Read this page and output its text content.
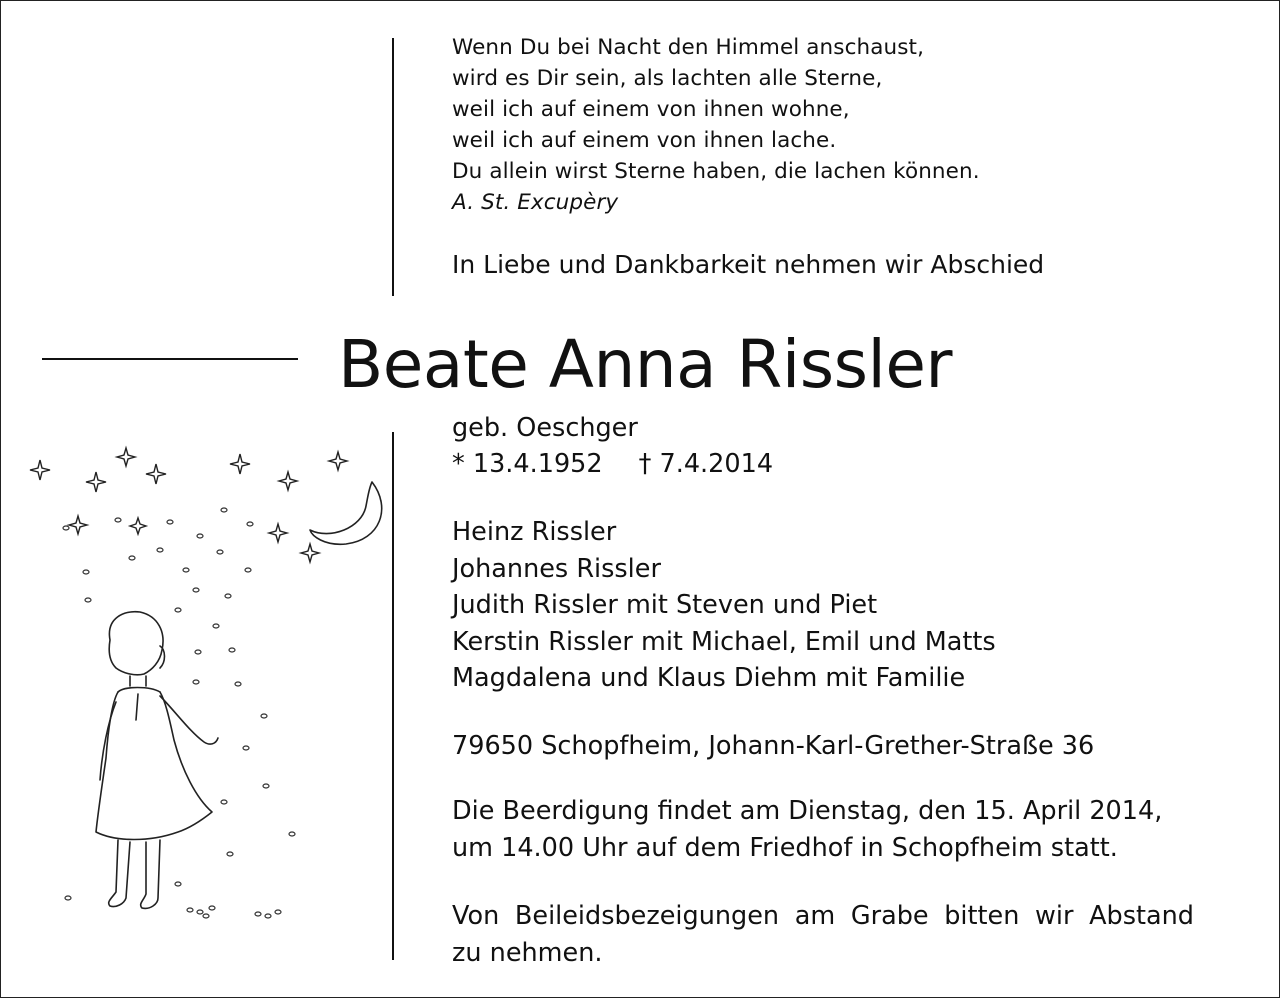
Wenn Du bei Nacht den Himmel anschaust,
wird es Dir sein, als lachten alle Sterne,
weil ich auf einem von ihnen wohne,
weil ich auf einem von ihnen lache.
Du allein wirst Sterne haben, die lachen können.
A. St. Excupèry
In Liebe und Dankbarkeit nehmen wir Abschied
Beate Anna Rissler
geb. Oeschger
* 13.4.1952 † 7.4.2014
Heinz Rissler
Johannes Rissler
Judith Rissler mit Steven und Piet
Kerstin Rissler mit Michael, Emil und Matts
Magdalena und Klaus Diehm mit Familie
79650 Schopfheim, Johann-Karl-Grether-Straße 36
Die Beerdigung findet am Dienstag, den 15. April 2014,
um 14.00 Uhr auf dem Friedhof in Schopfheim statt.
Von Beileidsbezeigungen am Grabe bitten wir Abstand
zu nehmen.
